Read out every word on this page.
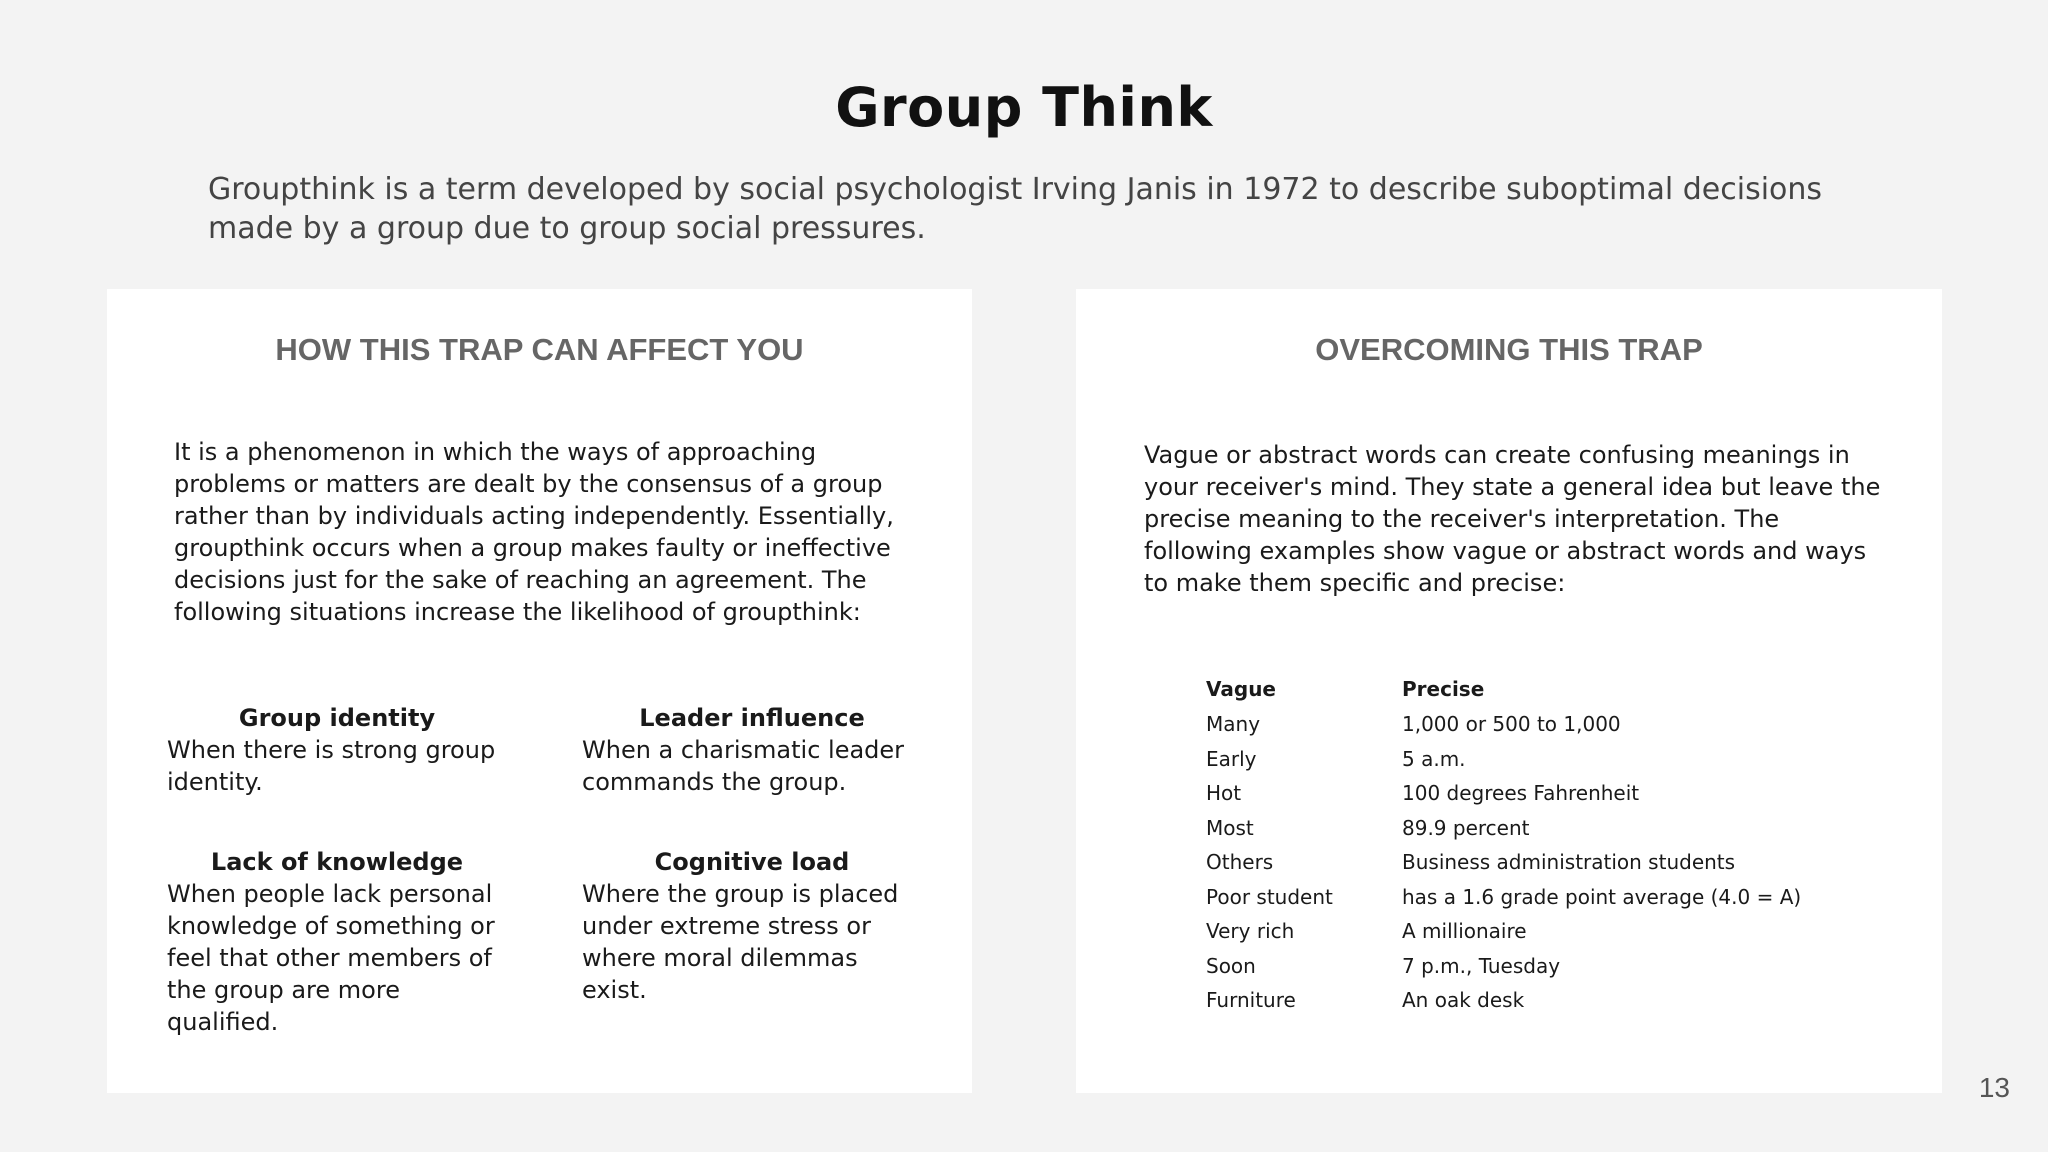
Group Think

Groupthink is a term developed by social psychologist Irving Janis in 1972 to describe suboptimal decisions made by a group due to group social pressures.

HOW THIS TRAP CAN AFFECT YOU

It is a phenomenon in which the ways of approaching problems or matters are dealt by the consensus of a group rather than by individuals acting independently. Essentially, groupthink occurs when a group makes faulty or ineffective decisions just for the sake of reaching an agreement. The following situations increase the likelihood of groupthink:

Group identity
When there is strong group identity.
Leader influence
When a charismatic leader commands the group.
Lack of knowledge
When people lack personal knowledge of something or feel that other members of the group are more qualified.
Cognitive load
Where the group is placed under extreme stress or where moral dilemmas exist.
OVERCOMING THIS TRAP

Vague or abstract words can create confusing meanings in your receiver's mind. They state a general idea but leave the precise meaning to the receiver's interpretation. The following examples show vague or abstract words and ways to make them specific and precise:

Vague	Precise
Many	1,000 or 500 to 1,000
Early	5 a.m.
Hot	100 degrees Fahrenheit
Most	89.9 percent
Others	Business administration students
Poor student	has a 1.6 grade point average (4.0 = A)
Very rich	A millionaire
Soon	7 p.m., Tuesday
Furniture	An oak desk
13
